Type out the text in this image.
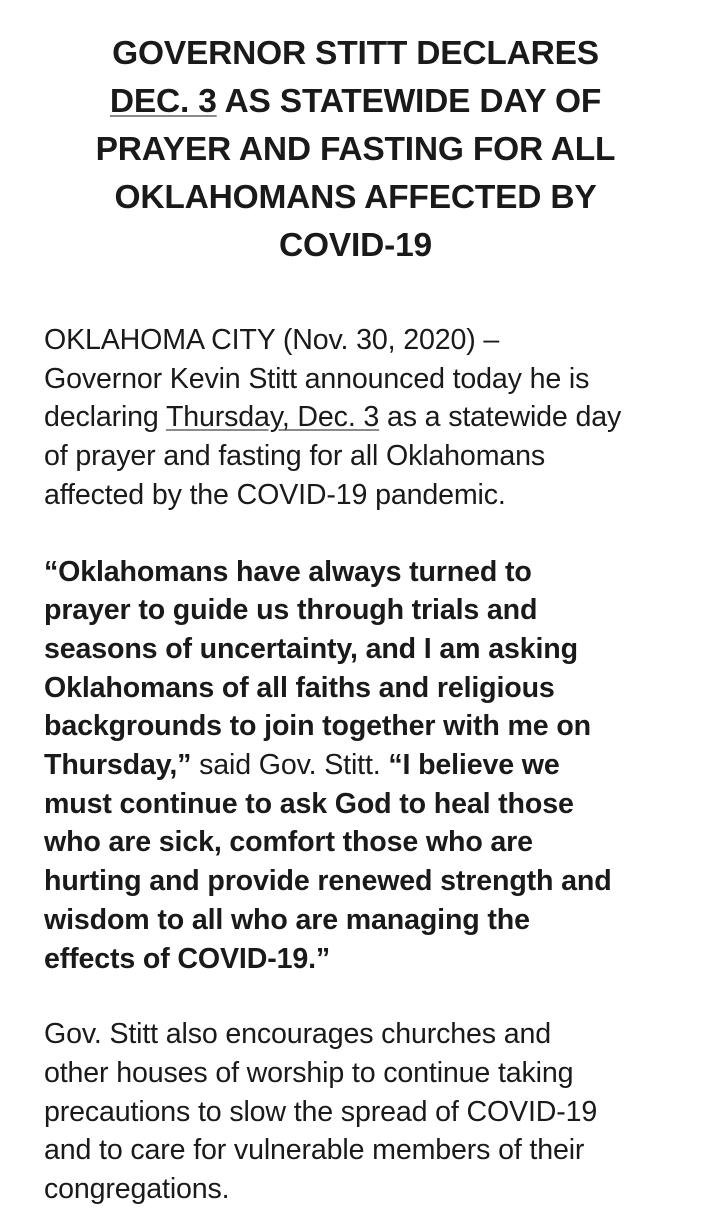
GOVERNOR STITT DECLARES
DEC. 3 AS STATEWIDE DAY OF
PRAYER AND FASTING FOR ALL
OKLAHOMANS AFFECTED BY
COVID-19

OKLAHOMA CITY (Nov. 30, 2020) –
Governor Kevin Stitt announced today he is
declaring Thursday, Dec. 3 as a statewide day
of prayer and fasting for all Oklahomans
affected by the COVID-19 pandemic.

“Oklahomans have always turned to
prayer to guide us through trials and
seasons of uncertainty, and I am asking
Oklahomans of all faiths and religious
backgrounds to join together with me on
Thursday,” said Gov. Stitt. “I believe we
must continue to ask God to heal those
who are sick, comfort those who are
hurting and provide renewed strength and
wisdom to all who are managing the
effects of COVID-19.”

Gov. Stitt also encourages churches and
other houses of worship to continue taking
precautions to slow the spread of COVID-19
and to care for vulnerable members of their
congregations.
